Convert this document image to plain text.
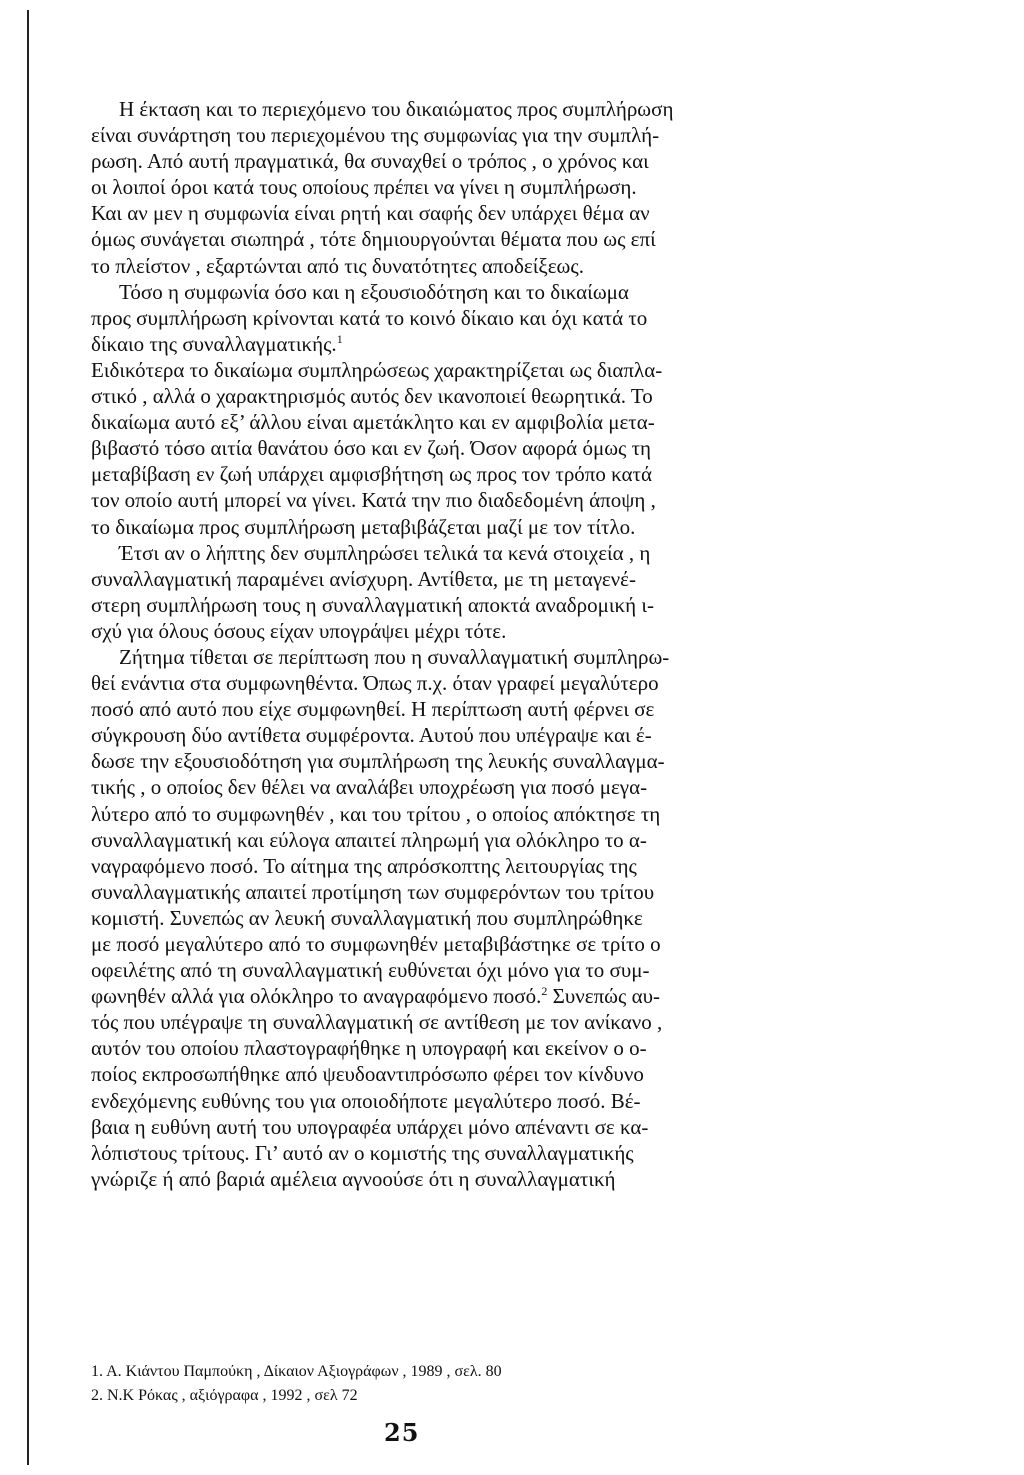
Η έκταση και το περιεχόμενο του δικαιώματος προς συμπλήρωση
είναι συνάρτηση του περιεχομένου της συμφωνίας για την συμπλή-
ρωση. Από αυτή πραγματικά, θα συναχθεί ο τρόπος , ο χρόνος και
οι λοιποί όροι κατά τους οποίους πρέπει να γίνει η συμπλήρωση.
Και αν μεν η συμφωνία είναι ρητή και σαφής δεν υπάρχει θέμα αν
όμως συνάγεται σιωπηρά , τότε δημιουργούνται θέματα που ως επί
το πλείστον , εξαρτώνται από τις δυνατότητες αποδείξεως.
Τόσο η συμφωνία όσο και η εξουσιοδότηση και το δικαίωμα
προς συμπλήρωση κρίνονται κατά το κοινό δίκαιο και όχι κατά το
δίκαιο της συναλλαγματικής.$^1$
Ειδικότερα το δικαίωμα συμπληρώσεως χαρακτηρίζεται ως διαπλα-
στικό , αλλά ο χαρακτηρισμός αυτός δεν ικανοποιεί θεωρητικά. Το
δικαίωμα αυτό εξ’ άλλου είναι αμετάκλητο και εν αμφιβολία μετα-
βιβαστό τόσο αιτία θανάτου όσο και εν ζωή. Όσον αφορά όμως τη
μεταβίβαση εν ζωή υπάρχει αμφισβήτηση ως προς τον τρόπο κατά
τον οποίο αυτή μπορεί να γίνει. Κατά την πιο διαδεδομένη άποψη ,
το δικαίωμα προς συμπλήρωση μεταβιβάζεται μαζί με τον τίτλο.
Έτσι αν ο λήπτης δεν συμπληρώσει τελικά τα κενά στοιχεία , η
συναλλαγματική παραμένει ανίσχυρη. Αντίθετα, με τη μεταγενέ-
στερη συμπλήρωση τους η συναλλαγματική αποκτά αναδρομική ι-
σχύ για όλους όσους είχαν υπογράψει μέχρι τότε.
Ζήτημα τίθεται σε περίπτωση που η συναλλαγματική συμπληρω-
θεί ενάντια στα συμφωνηθέντα. Όπως π.χ. όταν γραφεί μεγαλύτερο
ποσό από αυτό που είχε συμφωνηθεί. Η περίπτωση αυτή φέρνει σε
σύγκρουση δύο αντίθετα συμφέροντα. Αυτού που υπέγραψε και έ-
δωσε την εξουσιοδότηση για συμπλήρωση της λευκής συναλλαγμα-
τικής , ο οποίος δεν θέλει να αναλάβει υποχρέωση για ποσό μεγα-
λύτερο από το συμφωνηθέν , και του τρίτου , ο οποίος απόκτησε τη
συναλλαγματική και εύλογα απαιτεί πληρωμή για ολόκληρο το α-
ναγραφόμενο ποσό. Το αίτημα της απρόσκοπτης λειτουργίας της
συναλλαγματικής απαιτεί προτίμηση των συμφερόντων του τρίτου
κομιστή. Συνεπώς αν λευκή συναλλαγματική που συμπληρώθηκε
με ποσό μεγαλύτερο από το συμφωνηθέν μεταβιβάστηκε σε τρίτο ο
οφειλέτης από τη συναλλαγματική ευθύνεται όχι μόνο για το συμ-
φωνηθέν αλλά για ολόκληρο το αναγραφόμενο ποσό.$^2$ Συνεπώς αυ-
τός που υπέγραψε τη συναλλαγματική σε αντίθεση με τον ανίκανο ,
αυτόν του οποίου πλαστογραφήθηκε η υπογραφή και εκείνον ο ο-
ποίος εκπροσωπήθηκε από ψευδοαντιπρόσωπο φέρει τον κίνδυνο
ενδεχόμενης ευθύνης του για οποιοδήποτε μεγαλύτερο ποσό. Βέ-
βαια η ευθύνη αυτή του υπογραφέα υπάρχει μόνο απέναντι σε κα-
λόπιστους τρίτους. Γι’ αυτό αν ο κομιστής της συναλλαγματικής
γνώριζε ή από βαριά αμέλεια αγνοούσε ότι η συναλλαγματική
1. Α. Κιάντου Παμπούκη , Δίκαιον Αξιογράφων , 1989 , σελ. 80
2. Ν.Κ Ρόκας , αξιόγραφα , 1992 , σελ 72
25
